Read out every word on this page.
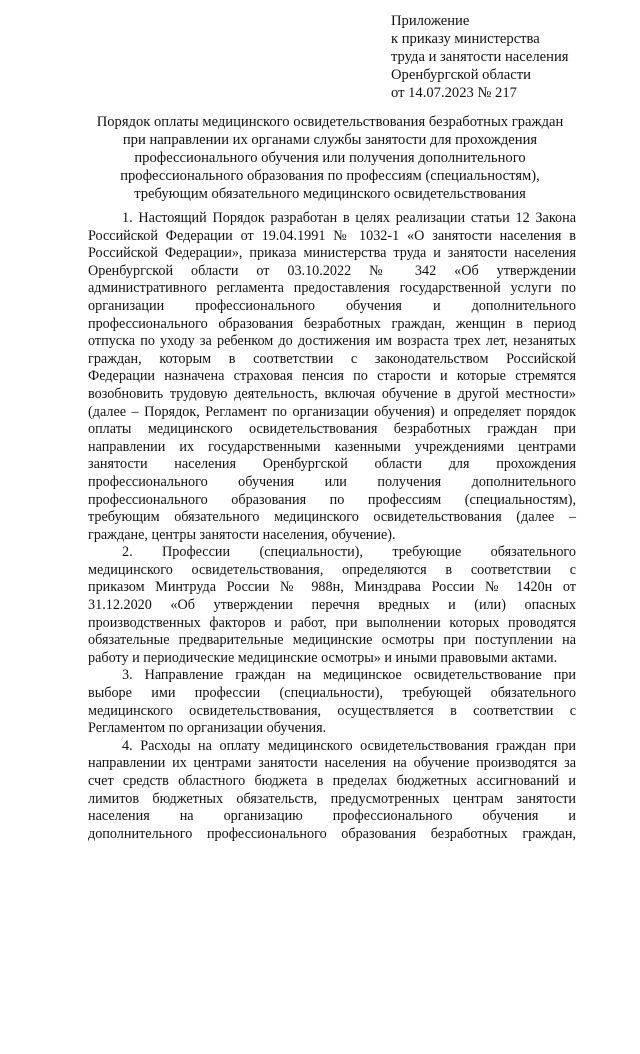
Приложение
к приказу министерства
труда и занятости населения
Оренбургской области
от 14.07.2023 № 217
Порядок оплаты медицинского освидетельствования безработных граждан
при направлении их органами службы занятости для прохождения
профессионального обучения или получения дополнительного
профессионального образования по профессиям (специальностям),
требующим обязательного медицинского освидетельствования
1. Настоящий Порядок разработан в целях реализации статьи 12 Закона
Российской Федерации от 19.04.1991 № 1032-1 «О занятости населения в
Российской Федерации», приказа министерства труда и занятости населения
Оренбургской области от 03.10.2022 № 342 «Об утверждении
административного регламента предоставления государственной услуги по
организации профессионального обучения и дополнительного
профессионального образования безработных граждан, женщин в период
отпуска по уходу за ребенком до достижения им возраста трех лет, незанятых
граждан, которым в соответствии с законодательством Российской
Федерации назначена страховая пенсия по старости и которые стремятся
возобновить трудовую деятельность, включая обучение в другой местности»
(далее – Порядок, Регламент по организации обучения) и определяет порядок
оплаты медицинского освидетельствования безработных граждан при
направлении их государственными казенными учреждениями центрами
занятости населения Оренбургской области для прохождения
профессионального обучения или получения дополнительного
профессионального образования по профессиям (специальностям),
требующим обязательного медицинского освидетельствования (далее –
граждане, центры занятости населения, обучение).
2. Профессии (специальности), требующие обязательного
медицинского освидетельствования, определяются в соответствии с
приказом Минтруда России № 988н, Минздрава России № 1420н от
31.12.2020 «Об утверждении перечня вредных и (или) опасных
производственных факторов и работ, при выполнении которых проводятся
обязательные предварительные медицинские осмотры при поступлении на
работу и периодические медицинские осмотры» и иными правовыми актами.
3. Направление граждан на медицинское освидетельствование при
выборе ими профессии (специальности), требующей обязательного
медицинского освидетельствования, осуществляется в соответствии с
Регламентом по организации обучения.
4. Расходы на оплату медицинского освидетельствования граждан при
направлении их центрами занятости населения на обучение производятся за
счет средств областного бюджета в пределах бюджетных ассигнований и
лимитов бюджетных обязательств, предусмотренных центрам занятости
населения на организацию профессионального обучения и
дополнительного профессионального образования безработных граждан,
